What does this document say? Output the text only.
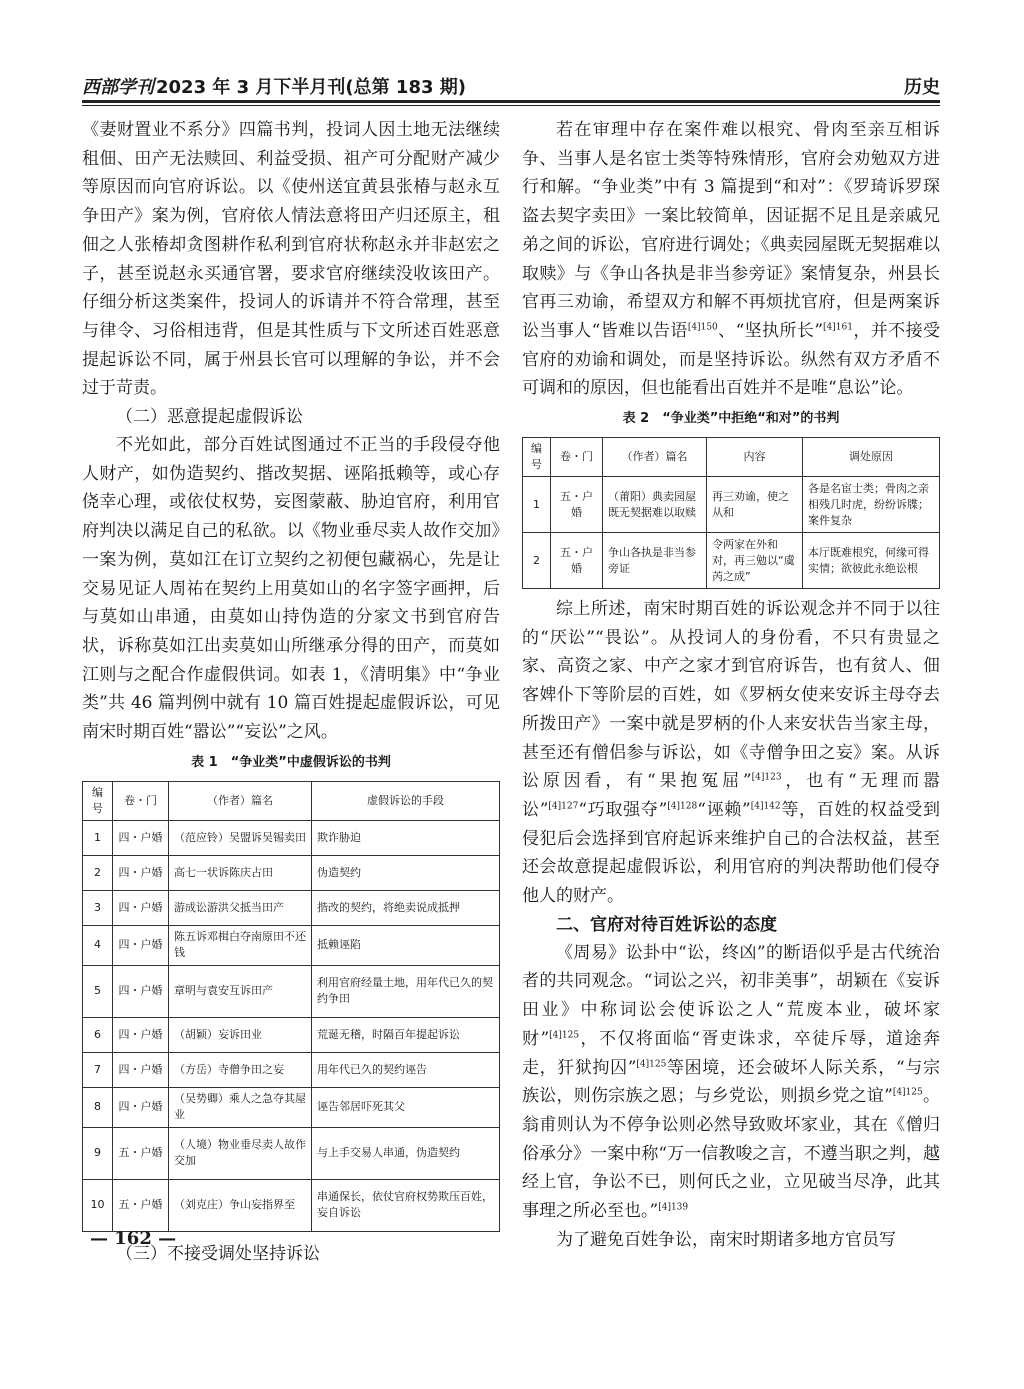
西部学刊 2023 年 3 月下半月刊(总第 183 期)	历史

《妻财置业不系分》四篇书判，投词人因土地无法继续租佃、田产无法赎回、利益受损、祖产可分配财产减少等原因而向官府诉讼。以《使州送宜黄县张椿与赵永互争田产》案为例，官府依人情法意将田产归还原主，租佃之人张椿却贪图耕作私利到官府状称赵永并非赵宏之子，甚至说赵永买通官署，要求官府继续没收该田产。仔细分析这类案件，投词人的诉请并不符合常理，甚至与律令、习俗相违背，但是其性质与下文所述百姓恶意提起诉讼不同，属于州县长官可以理解的争讼，并不会过于苛责。

（二）恶意提起虚假诉讼

不光如此，部分百姓试图通过不正当的手段侵夺他人财产，如伪造契约、揩改契据、诬陷抵赖等，或心存侥幸心理，或依仗权势，妄图蒙蔽、胁迫官府，利用官府判决以满足自己的私欲。以《物业垂尽卖人故作交加》一案为例，莫如江在订立契约之初便包藏祸心，先是让交易见证人周祐在契约上用莫如山的名字签字画押，后与莫如山串通，由莫如山持伪造的分家文书到官府告状，诉称莫如江出卖莫如山所继承分得的田产，而莫如江则与之配合作虚假供词。如表 1，《清明集》中“争业类”共 46 篇判例中就有 10 篇百姓提起虚假诉讼，可见南宋时期百姓“嚣讼”“妄讼”之风。

表 1　“争业类”中虚假诉讼的书判
编号	卷・门	（作者）篇名	虚假诉讼的手段
1	四・户婚	（范应铃）吴盟诉吴锡卖田	欺诈胁迫
2	四・户婚	高七一状诉陈庆占田	伪造契约
3	四・户婚	游成讼游洪父抵当田产	揩改的契约，将绝卖说成抵押
4	四・户婚	陈五诉邓楫白夺南原田不还钱	抵赖诬陷
5	四・户婚	章明与袁安互诉田产	利用官府经量土地，用年代已久的契约争田
6	四・户婚	（胡颖）妄诉田业	荒诞无稽，时隔百年提起诉讼
7	四・户婚	（方岳）寺僧争田之妄	用年代已久的契约诬告
8	四・户婚	（吴势卿）乘人之急夺其屋业	诬告邻居吓死其父
9	五・户婚	（人境）物业垂尽卖人故作交加	与上手交易人串通，伪造契约
10	五・户婚	（刘克庄）争山妄指界至	串通保长，依仗官府权势欺压百姓，妄自诉讼
（三）不接受调处坚持诉讼

若在审理中存在案件难以根究、骨肉至亲互相诉争、当事人是名宦士类等特殊情形，官府会劝勉双方进行和解。“争业类”中有 3 篇提到“和对”：《罗琦诉罗琛盗去契字卖田》一案比较简单，因证据不足且是亲戚兄弟之间的诉讼，官府进行调处；《典卖园屋既无契据难以取赎》与《争山各执是非当参旁证》案情复杂，州县长官再三劝谕，希望双方和解不再烦扰官府，但是两案诉讼当事人“皆难以告语$^{[4]150}$、“坚执所长”$^{[4]161}$，并不接受官府的劝谕和调处，而是坚持诉讼。纵然有双方矛盾不可调和的原因，但也能看出百姓并不是唯“息讼”论。

表 2　“争业类”中拒绝“和对”的书判
编号	卷・门	（作者）篇名	内容	调处原因
1	五・户婚	（莆阳）典卖园屋既无契据难以取赎	再三劝谕，使之从和	各是名宦士类；骨肉之亲相残几时虎，纷纷诉牒；案件复杂
2	五・户婚	争山各执是非当参旁证	令两家在外和对，再三勉以“虞芮之成”	本厅既难根究，何缘可得实情；欲彼此永绝讼根

综上所述，南宋时期百姓的诉讼观念并不同于以往的“厌讼”“畏讼”。从投词人的身份看，不只有贵显之家、高资之家、中产之家才到官府诉告，也有贫人、佃客婢仆下等阶层的百姓，如《罗柄女使来安诉主母夺去所拨田产》一案中就是罗柄的仆人来安状告当家主母，甚至还有僧侣参与诉讼，如《寺僧争田之妄》案。从诉讼原因看，有“果抱冤屈”$^{[4]123}$，也有“无理而嚣讼”$^{[4]127}$“巧取强夺”$^{[4]128}$“诬赖”$^{[4]142}$等，百姓的权益受到侵犯后会选择到官府起诉来维护自己的合法权益，甚至还会故意提起虚假诉讼，利用官府的判决帮助他们侵夺他人的财产。

二、官府对待百姓诉讼的态度

《周易》讼卦中“讼，终凶”的断语似乎是古代统治者的共同观念。“词讼之兴，初非美事”，胡颖在《妄诉田业》中称词讼会使诉讼之人“荒废本业，破坏家财”$^{[4]125}$，不仅将面临“胥吏诛求，卒徒斥辱，道途奔走，犴狱拘囚”$^{[4]125}$等困境，还会破坏人际关系，“与宗族讼，则伤宗族之恩；与乡党讼，则损乡党之谊”$^{[4]125}$。翁甫则认为不停争讼则必然导致败坏家业，其在《僧归俗承分》一案中称“万一信教唆之言，不遵当职之判，越经上官，争讼不已，则何氏之业，立见破当尽净，此其事理之所必至也。”$^{[4]139}$

为了避免百姓争讼，南宋时期诸多地方官员写

— 162 —
